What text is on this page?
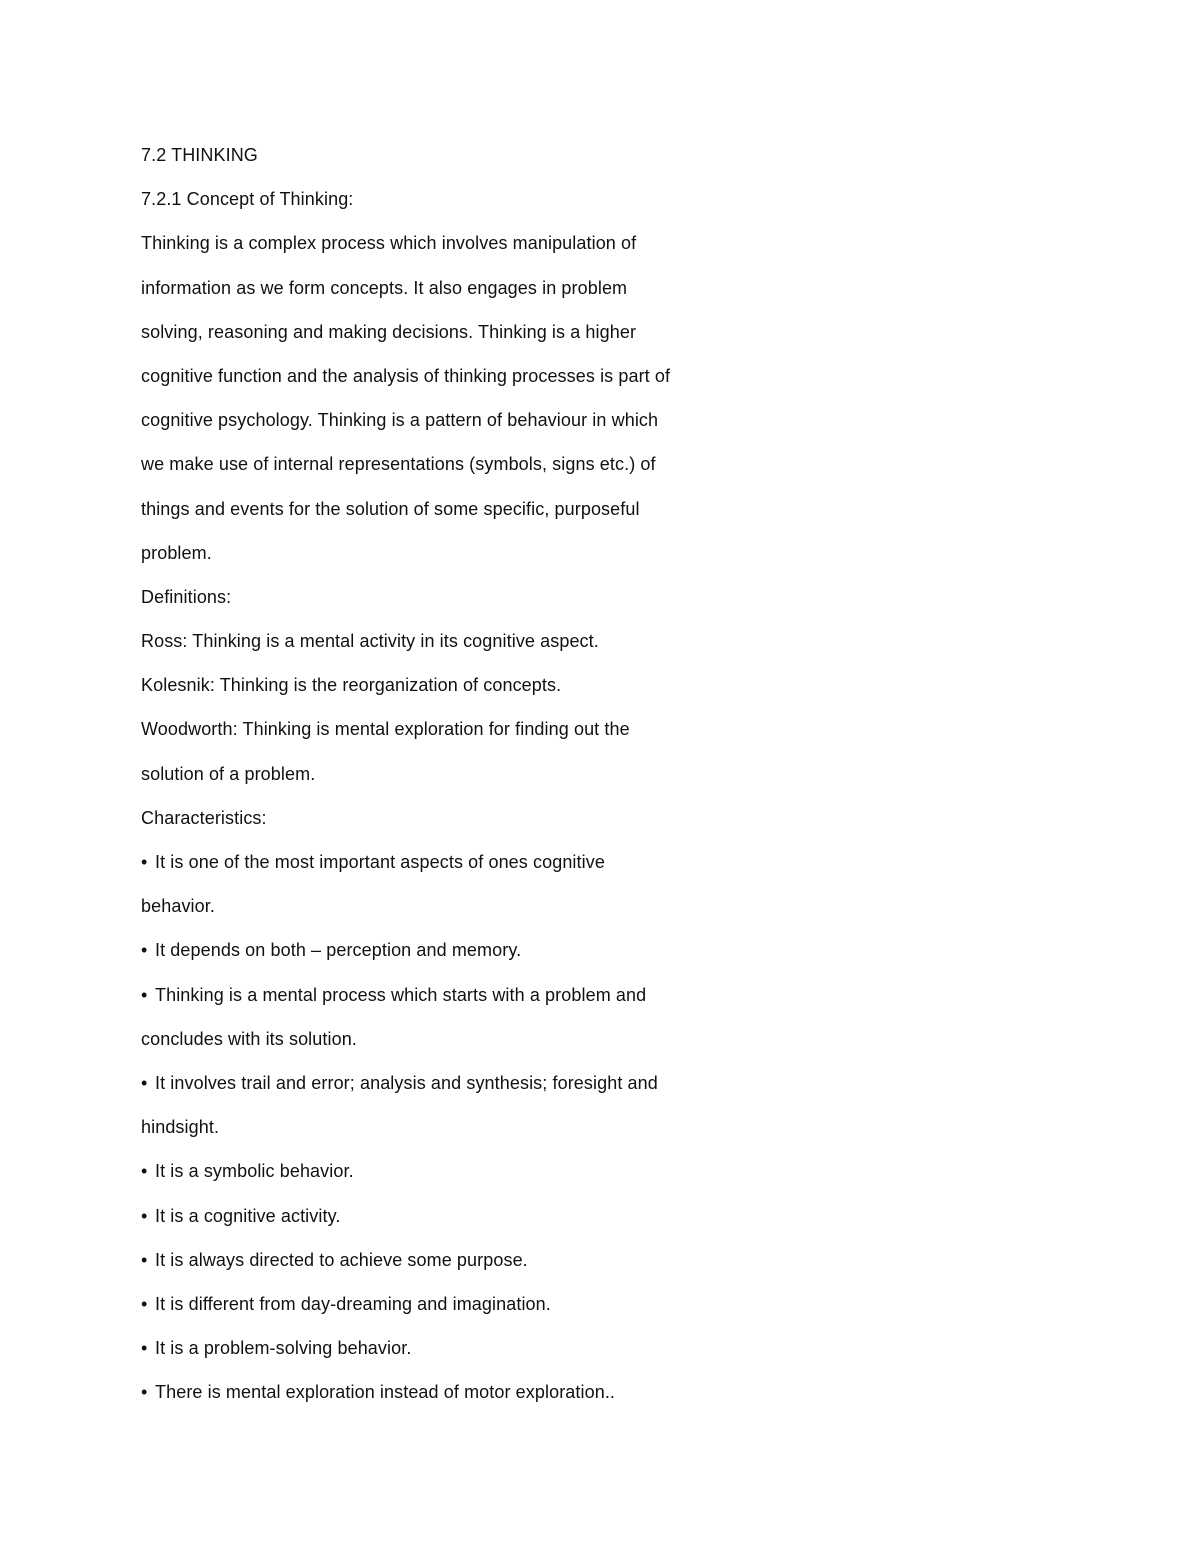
7.2 THINKING
7.2.1 Concept of Thinking:
Thinking is a complex process which involves manipulation of
information as we form concepts. It also engages in problem
solving, reasoning and making decisions. Thinking is a higher
cognitive function and the analysis of thinking processes is part of
cognitive psychology. Thinking is a pattern of behaviour in which
we make use of internal representations (symbols, signs etc.) of
things and events for the solution of some specific, purposeful
problem.
Definitions:
Ross: Thinking is a mental activity in its cognitive aspect.
Kolesnik: Thinking is the reorganization of concepts.
Woodworth: Thinking is mental exploration for finding out the
solution of a problem.
Characteristics:
• It is one of the most important aspects of ones cognitive
behavior.
• It depends on both – perception and memory.
• Thinking is a mental process which starts with a problem and
concludes with its solution.
• It involves trail and error; analysis and synthesis; foresight and
hindsight.
• It is a symbolic behavior.
• It is a cognitive activity.
• It is always directed to achieve some purpose.
• It is different from day-dreaming and imagination.
• It is a problem-solving behavior.
• There is mental exploration instead of motor exploration..
